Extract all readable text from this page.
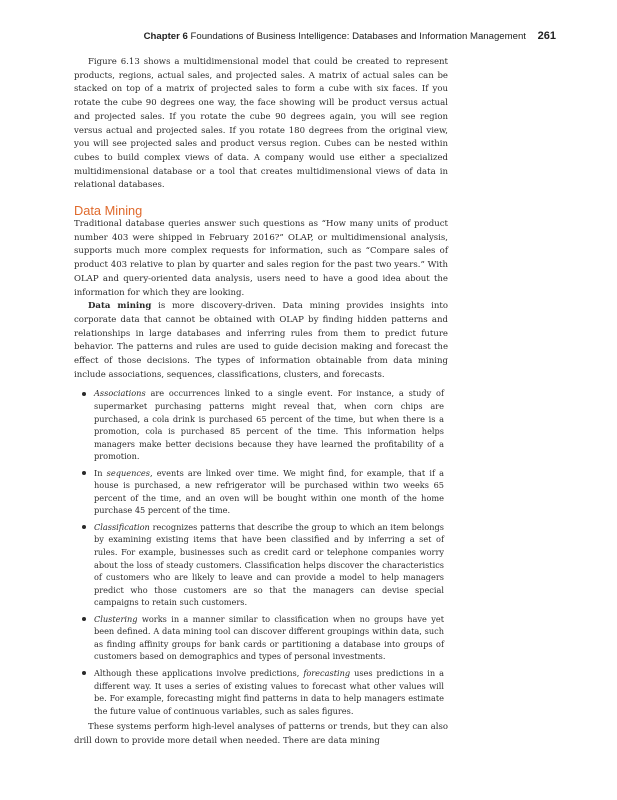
Chapter 6 Foundations of Business Intelligence: Databases and Information Management 261

Figure 6.13 shows a multidimensional model that could be created to represent products, regions, actual sales, and projected sales. A matrix of actual sales can be stacked on top of a matrix of projected sales to form a cube with six faces. If you rotate the cube 90 degrees one way, the face showing will be product versus actual and projected sales. If you rotate the cube 90 degrees again, you will see region versus actual and projected sales. If you rotate 180 degrees from the original view, you will see projected sales and product versus region. Cubes can be nested within cubes to build complex views of data. A company would use either a specialized multidimensional database or a tool that creates multidimensional views of data in relational databases.

Data Mining

Traditional database queries answer such questions as “How many units of product number 403 were shipped in February 2016?” OLAP, or multidimensional analysis, supports much more complex requests for information, such as “Compare sales of product 403 relative to plan by quarter and sales region for the past two years.” With OLAP and query-oriented data analysis, users need to have a good idea about the information for which they are looking.

Data mining is more discovery-driven. Data mining provides insights into corporate data that cannot be obtained with OLAP by finding hidden patterns and relationships in large databases and inferring rules from them to predict future behavior. The patterns and rules are used to guide decision making and forecast the effect of those decisions. The types of information obtainable from data mining include associations, sequences, classifications, clusters, and forecasts.

Associations are occurrences linked to a single event. For instance, a study of supermarket purchasing patterns might reveal that, when corn chips are purchased, a cola drink is purchased 65 percent of the time, but when there is a promotion, cola is purchased 85 percent of the time. This information helps managers make better decisions because they have learned the profitability of a promotion.
In sequences, events are linked over time. We might find, for example, that if a house is purchased, a new refrigerator will be purchased within two weeks 65 percent of the time, and an oven will be bought within one month of the home purchase 45 percent of the time.
Classification recognizes patterns that describe the group to which an item belongs by examining existing items that have been classified and by inferring a set of rules. For example, businesses such as credit card or telephone companies worry about the loss of steady customers. Classification helps discover the characteristics of customers who are likely to leave and can provide a model to help managers predict who those customers are so that the managers can devise special campaigns to retain such customers.
Clustering works in a manner similar to classification when no groups have yet been defined. A data mining tool can discover different groupings within data, such as finding affinity groups for bank cards or partitioning a database into groups of customers based on demographics and types of personal investments.
Although these applications involve predictions, forecasting uses predictions in a different way. It uses a series of existing values to forecast what other values will be. For example, forecasting might find patterns in data to help managers estimate the future value of continuous variables, such as sales figures.

These systems perform high-level analyses of patterns or trends, but they can also drill down to provide more detail when needed. There are data mining
